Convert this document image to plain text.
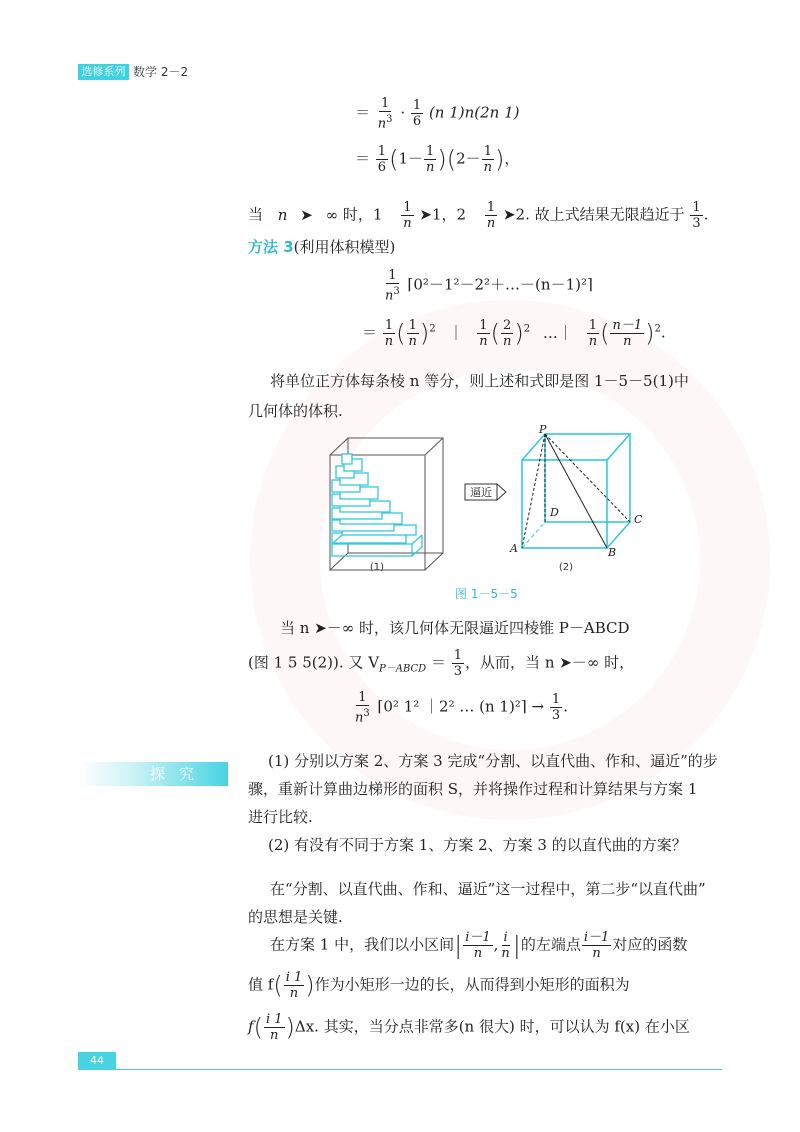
选修系列 数学 2－2
＝ $\frac{1}{n^3} \cdot \frac{1}{6} (n$ 1)n(2n 1)
＝ $\frac{1}{6} (1- \frac{1}{n} )(2- \frac{1}{n}$ )，
当 n ➤ ∞ 时，$1 \frac{1}{n}$ ➤1，$2 \frac{1}{n}$ ➤2. 故上式结果无限趋近于 $\frac{1}{3}$ .
方法 3(利用体积模型)
$\frac{1}{n^3}$ ⌈0²－1²－2²＋…－(n－1)²⌉
＝ $\frac{1}{n}$ ( $\frac{1}{n} )^2$ ｜ $\frac{1}{n}$ ( $\frac{2}{n} )^2$ …｜ $\frac{1}{n}$ ( $\frac{n-1}{n} )^2$.
将单位正方体每条棱 n 等分，则上述和式即是图 1－5－5(1)中
几何体的体积.
逼近
P
D
C
A	B
(1)	(2)
图 1－5－5
当 n ➤－∞ 时，该几何体无限逼近四棱锥 P－ABCD
(图 1 5 5(2)). 又 $V_{P-ABCD} = \frac{1}{3}$ ，从而，当 n ➤－∞ 时，
$\frac{1}{n^3}$ ⌈0² 1² ｜2² … (n 1)²⌉ → $\frac{1}{3}$ .
探究
(1) 分别以方案 2、方案 3 完成“分割、以直代曲、作和、逼近”的步
骤，重新计算曲边梯形的面积 S，并将操作过程和计算结果与方案 1
进行比较.
(2) 有没有不同于方案 1、方案 2、方案 3 的以直代曲的方案？
在“分割、以直代曲、作和、逼近”这一过程中，第二步“以直代曲”
的思想是关键.
在方案 1 中，我们以小区间| $\frac{i-1}{n}$ , $\frac{i}{n}$ |的左端点 $\frac{i-1}{n}$ 对应的函数
值 $f( \frac{i 1}{n}$ )作为小矩形一边的长，从而得到小矩形的面积为
$f( \frac{i 1}{n} )\Delta x$. 其实，当分点非常多(n 很大) 时，可以认为 f(x) 在小区
44
